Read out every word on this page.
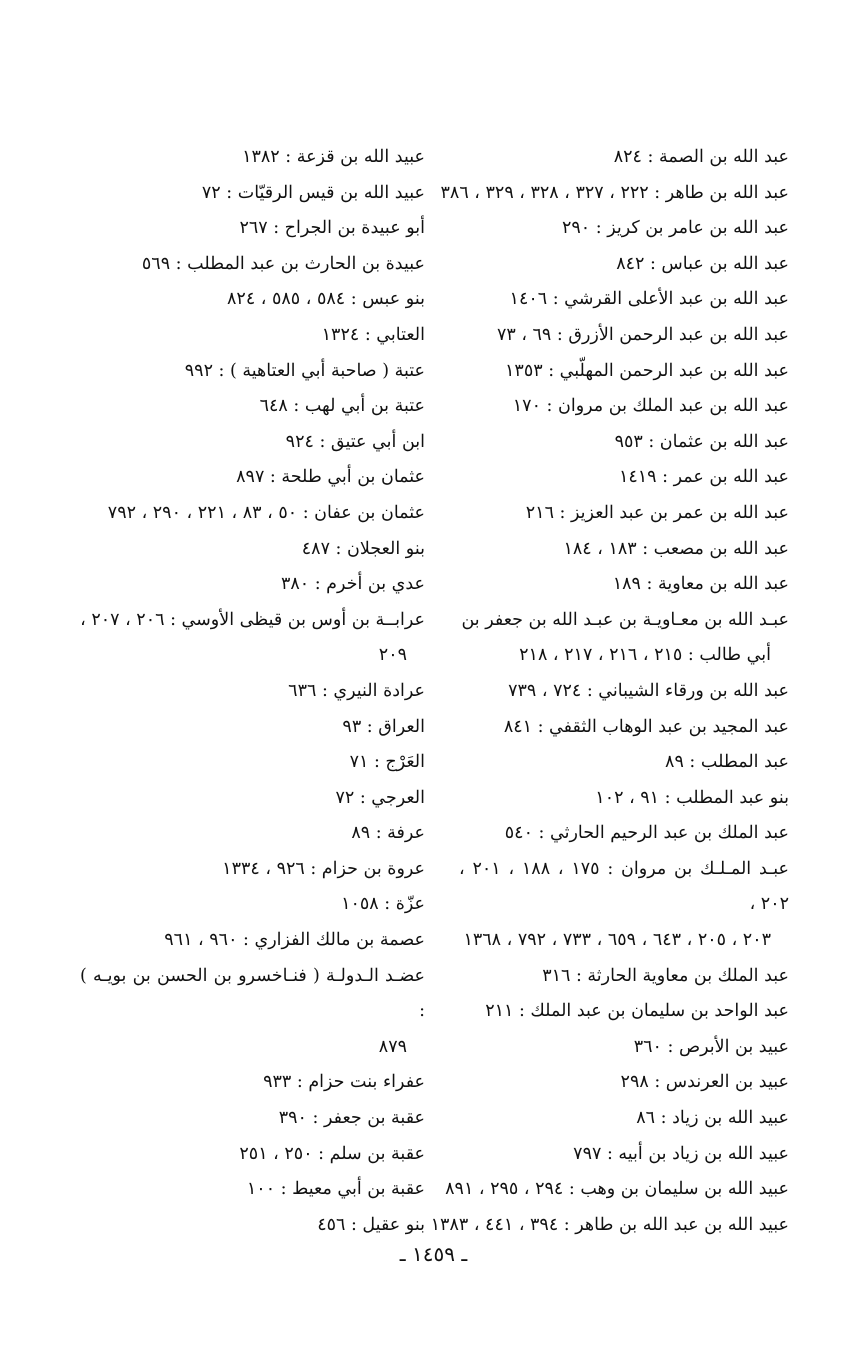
عبد الله بن الصمة : ٨٢٤
عبد الله بن طاهر : ٢٢٢ ، ٣٢٧ ، ٣٢٨ ، ٣٢٩ ، ٣٨٦
عبد الله بن عامر بن كريز : ٢٩٠
عبد الله بن عباس : ٨٤٢
عبد الله بن عبد الأعلى القرشي : ١٤٠٦
عبد الله بن عبد الرحمن الأزرق : ٦٩ ، ٧٣
عبد الله بن عبد الرحمن المهلّبي : ١٣٥٣
عبد الله بن عبد الملك بن مروان : ١٧٠
عبد الله بن عثمان : ٩٥٣
عبد الله بن عمر : ١٤١٩
عبد الله بن عمر بن عبد العزيز : ٢١٦
عبد الله بن مصعب : ١٨٣ ، ١٨٤
عبد الله بن معاوية : ١٨٩
عبـد الله بن معـاويـة بن عبـد الله بن جعفر بن
أبي طالب : ٢١٥ ، ٢١٦ ، ٢١٧ ، ٢١٨
عبد الله بن ورقاء الشيباني : ٧٢٤ ، ٧٣٩
عبد المجيد بن عبد الوهاب الثقفي : ٨٤١
عبد المطلب : ٨٩
بنو عبد المطلب : ٩١ ، ١٠٢
عبد الملك بن عبد الرحيم الحارثي : ٥٤٠
عبـد المـلـك بن مروان : ١٧٥ ، ١٨٨ ، ٢٠١ ، ٢٠٢ ،
٢٠٣ ، ٢٠٥ ، ٦٤٣ ، ٦٥٩ ، ٧٣٣ ، ٧٩٢ ، ١٣٦٨
عبد الملك بن معاوية الحارثة : ٣١٦
عبد الواحد بن سليمان بن عبد الملك : ٢١١
عبيد بن الأبرص : ٣٦٠
عبيد بن العرندس : ٢٩٨
عبيد الله بن زياد : ٨٦
عبيد الله بن زياد بن أبيه : ٧٩٧
عبيد الله بن سليمان بن وهب : ٢٩٤ ، ٢٩٥ ، ٨٩١
عبيد الله بن عبد الله بن طاهر : ٣٩٤ ، ٤٤١ ، ١٣٨٣
عبيد الله بن قزعة : ١٣٨٢
عبيد الله بن قيس الرقيّات : ٧٢
أبو عبيدة بن الجراح : ٢٦٧
عبيدة بن الحارث بن عبد المطلب : ٥٦٩
بنو عبس : ٥٨٤ ، ٥٨٥ ، ٨٢٤
العتابي : ١٣٢٤
عتبة ( صاحبة أبي العتاهية ) : ٩٩٢
عتبة بن أبي لهب : ٦٤٨
ابن أبي عتيق : ٩٢٤
عثمان بن أبي طلحة : ٨٩٧
عثمان بن عفان : ٥٠ ، ٨٣ ، ٢٢١ ، ٢٩٠ ، ٧٩٢
بنو العجلان : ٤٨٧
عدي بن أخرم : ٣٨٠
عرابــة بن أوس بن قيظى الأوسي : ٢٠٦ ، ٢٠٧ ،
٢٠٩
عرادة النيري : ٦٣٦
العراق : ٩٣
العَرْج : ٧١
العرجي : ٧٢
عرفة : ٨٩
عروة بن حزام : ٩٢٦ ، ١٣٣٤
عزّة : ١٠٥٨
عصمة بن مالك الفزاري : ٩٦٠ ، ٩٦١
عضـد الـدولـة ( فنـاخسرو بن الحسن بن بويـه ) :
٨٧٩
عفراء بنت حزام : ٩٣٣
عقبة بن جعفر : ٣٩٠
عقبة بن سلم : ٢٥٠ ، ٢٥١
عقبة بن أبي معيط : ١٠٠
بنو عقيل : ٤٥٦
ـ ١٤٥٩ ـ
